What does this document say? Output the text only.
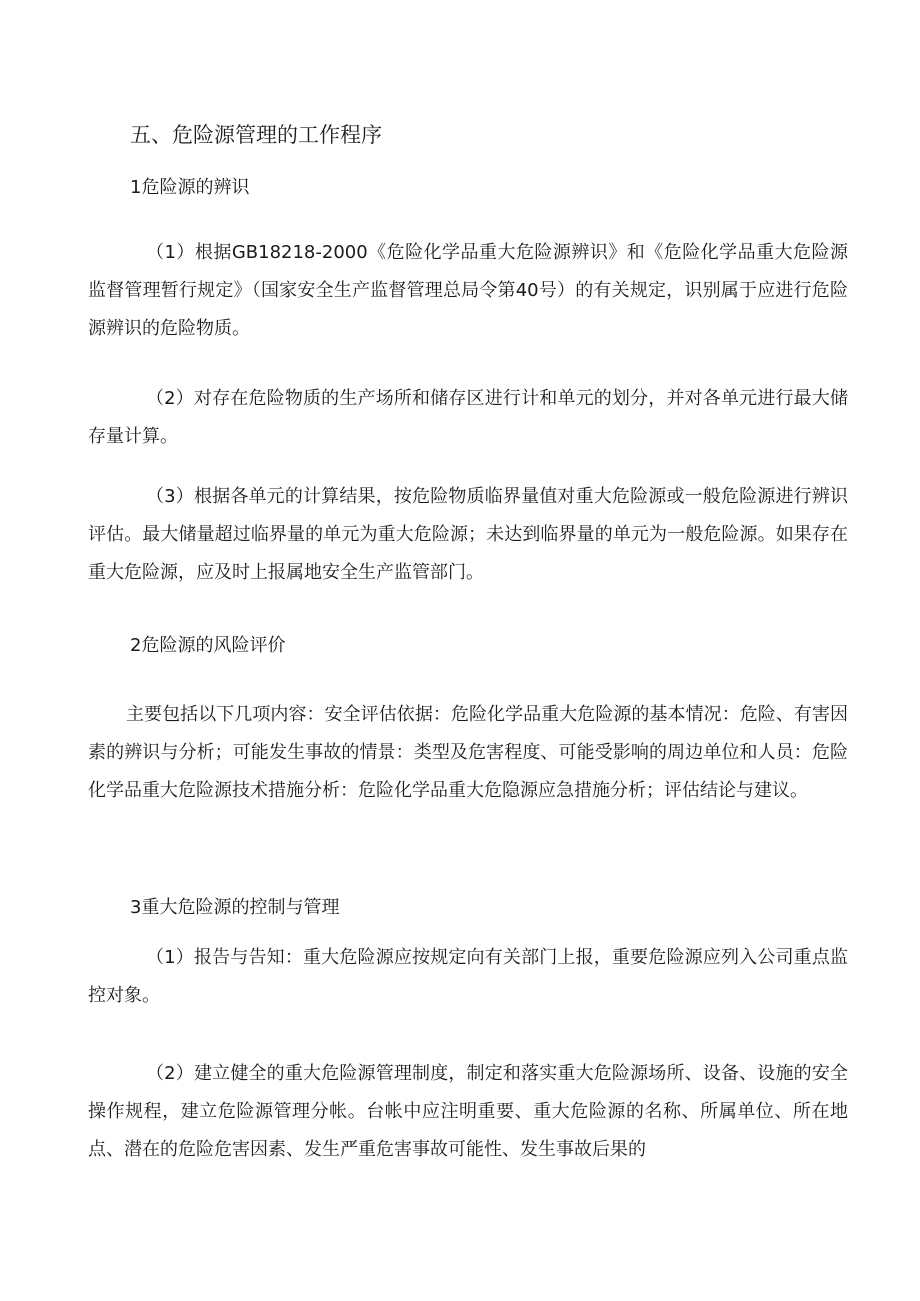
五、危险源管理的工作程序
1危险源的辨识

（1）根据GB18218-2000《危险化学品重大危险源辨识》和《危险化学品重大危险源监督管理暂行规定》（国家安全生产监督管理总局令第40号）的有关规定，识别属于应进行危险源辨识的危险物质。

（2）对存在危险物质的生产场所和储存区进行计和单元的划分，并对各单元进行最大储存量计算。

（3）根据各单元的计算结果，按危险物质临界量值对重大危险源或一般危险源进行辨识评估。最大储量超过临界量的单元为重大危险源；未达到临界量的单元为一般危险源。如果存在重大危险源，应及时上报属地安全生产监管部门。

2危险源的风险评价

主要包括以下几项内容：安全评估依据：危险化学品重大危险源的基本情况：危险、有害因素的辨识与分析；可能发生事故的情景：类型及危害程度、可能受影响的周边单位和人员：危险化学品重大危险源技术措施分析：危险化学品重大危隐源应急措施分析；评估结论与建议。

3重大危险源的控制与管理

（1）报告与告知：重大危险源应按规定向有关部门上报，重要危险源应列入公司重点监控对象。

（2）建立健全的重大危险源管理制度，制定和落实重大危险源场所、设备、设施的安全操作规程，建立危险源管理分帐。台帐中应注明重要、重大危险源的名称、所属单位、所在地点、潜在的危险危害因素、发生严重危害事故可能性、发生事故后果的
